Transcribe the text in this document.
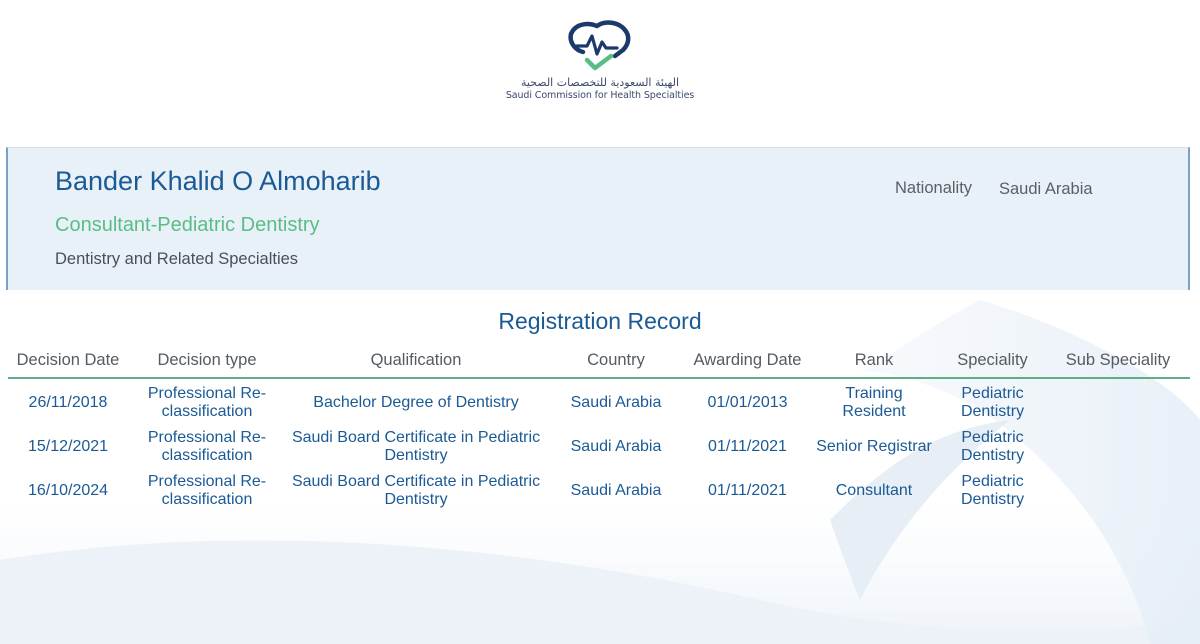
الهيئة السعودية للتخصصات الصحية
Saudi Commission for Health Specialties
Bander Khalid O Almoharib
Consultant-Pediatric Dentistry
Dentistry and Related Specialties
Nationality Saudi Arabia
Registration Record
Decision Date	Decision type	Qualification	Country	Awarding Date	Rank	Speciality	Sub Speciality
26/11/2018	Professional Re-classification	Bachelor Degree of Dentistry	Saudi Arabia	01/01/2013	Training Resident	Pediatric Dentistry	
15/12/2021	Professional Re-classification	Saudi Board Certificate in Pediatric Dentistry	Saudi Arabia	01/11/2021	Senior Registrar	Pediatric Dentistry	
16/10/2024	Professional Re-classification	Saudi Board Certificate in Pediatric Dentistry	Saudi Arabia	01/11/2021	Consultant	Pediatric Dentistry	
